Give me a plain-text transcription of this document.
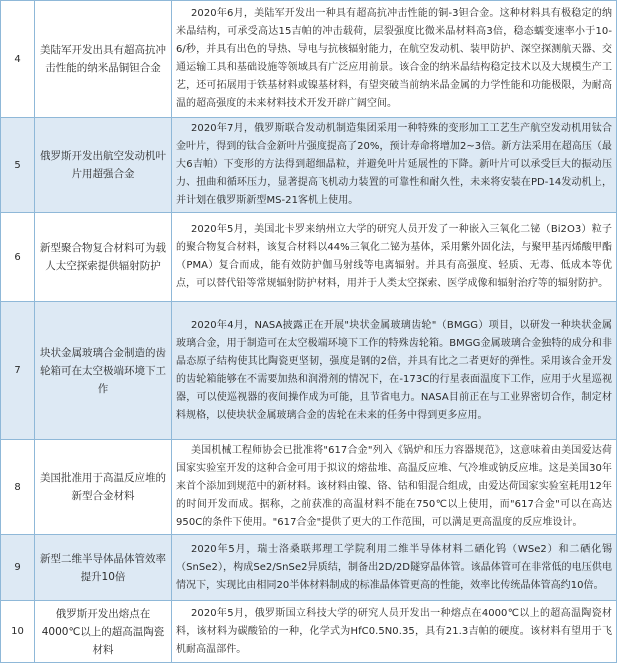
4	美陆军开发出具有超高抗冲击性能的纳米晶铜钽合金	2020年6月，美陆军开发出一种具有超高抗冲击性能的铜-3钽合金。这种材料具有极稳定的纳米晶结构，可承受高达15吉帕的冲击载荷，层裂强度比微米晶材料高3倍，稳态蠕变速率小于10-6/秒，并具有出色的导热、导电与抗核辐射能力，在航空发动机、装甲防护、深空探测航天器、交通运输工具和基础设施等领域具有广泛应用前景。该合金的纳米晶结构稳定技术以及大规模生产工艺，还可拓展用于铁基材料或镍基材料，有望突破当前纳米晶金属的力学性能和功能极限，为耐高温的超高强度的未来材料技术开发开辟广阔空间。
5	俄罗斯开发出航空发动机叶片用超强合金	2020年7月，俄罗斯联合发动机制造集团采用一种特殊的变形加工工艺生产航空发动机用钛合金叶片，得到的钛合金新叶片强度提高了20%，预计寿命将增加2~3倍。新方法采用在超高压（最大6吉帕）下变形的方法得到超细晶粒，并避免叶片延展性的下降。新叶片可以承受巨大的振动压力、扭曲和循环压力，显著提高飞机动力装置的可靠性和耐久性，未来将安装在PD-14发动机上，并计划在俄罗斯新型MS-21客机上使用。
6	新型聚合物复合材料可为载人太空探索提供辐射防护	2020年5月，美国北卡罗来纳州立大学的研究人员开发了一种嵌入三氧化二铋（Bi2O3）粒子的聚合物复合材料，该复合材料以44%三氧化二铋为基体，采用紫外固化法，与聚甲基丙烯酸甲酯（PMA）复合而成，能有效防护伽马射线等电离辐射。并具有高强度、轻质、无毒、低成本等优点，可以替代铅等常规辐射防护材料，用并于人类太空探索、医学成像和辐射治疗等的辐射防护。
7	块状金属玻璃合金制造的齿轮箱可在太空极端环境下工作	2020年4月，NASA披露正在开展"块状金属玻璃齿轮"（BMGG）项目，以研发一种块状金属玻璃合金，用于制造可在太空极端环境下工作的特殊齿轮箱。BMGG金属玻璃合金独特的成分和非晶态原子结构使其比陶瓷更坚韧，强度是钢的2倍，并具有比之二者更好的弹性。采用该合金开发的齿轮箱能够在不需要加热和润滑剂的情况下，在-173C的行星表面温度下工作，应用于火星巡视器，可以使巡视器的夜间操作成为可能，且节省电力。NASA目前正在与工业界密切合作，制定材料规格，以使块状金属玻璃合金的齿轮在未来的任务中得到更多应用。
8	美国批准用于高温反应堆的新型合金材料	美国机械工程师协会已批准将"617合金"列入《锅炉和压力容器规范》，这意味着由美国爱达荷国家实验室开发的这种合金可用于拟议的熔盐堆、高温反应堆、气冷堆或钠反应堆。这是美国30年来首个添加到规范中的新材料。该材料由镍、铬、钴和钼混合组成，由爱达荷国家实验室耗用12年的时间开发而成。据称，之前获准的高温材料不能在750℃以上使用，而"617合金"可以在高达950C的条件下使用。"617合金"提供了更大的工作范围，可以满足更高温度的反应堆设计。
9	新型二维半导体晶体管效率提升10倍	2020年5月，瑞士洛桑联邦理工学院利用二维半导体材料二硒化钨（WSe2）和二硒化锡（SnSe2），构成Se2/SnSe2异质结，制备出2D/2D隧穿晶体管。该晶体管可在非常低的电压供电情况下，实现比由相同20半体材料制成的标准晶体管更高的性能，效率比传统晶体管高约10倍。
10	俄罗斯开发出熔点在4000℃以上的超高温陶瓷材料	2020年5月，俄罗斯国立科技大学的研究人员开发出一种熔点在4000℃以上的超高温陶瓷材料，该材料为碳酸铪的一种，化学式为HfC0.5N0.35，具有21.3吉帕的硬度。该材料有望用于飞机耐高温部件。
